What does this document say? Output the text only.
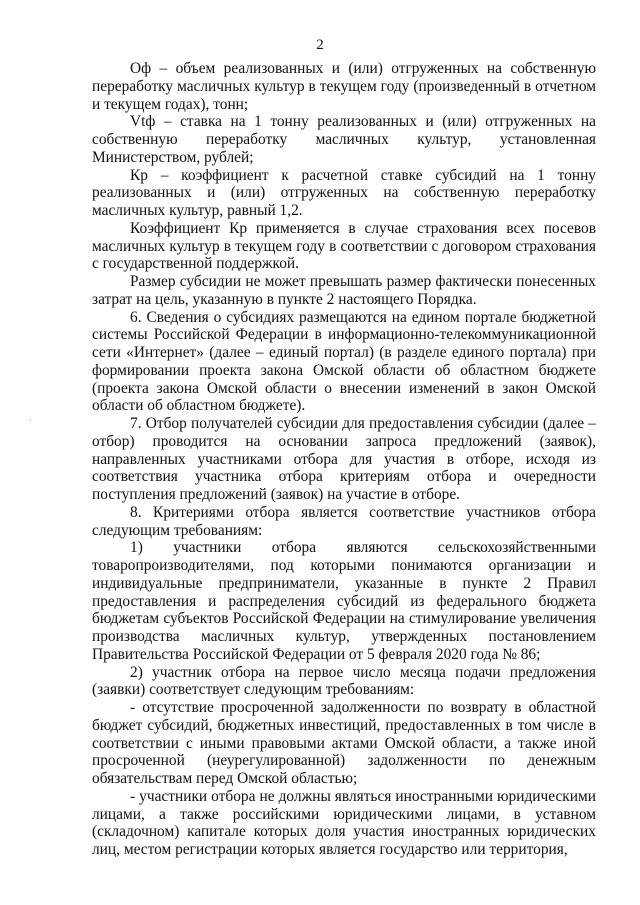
2

Оф – объем реализованных и (или) отгруженных на собственную переработку масличных культур в текущем году (произведенный в отчетном и текущем годах), тонн;

Vtф – ставка на 1 тонну реализованных и (или) отгруженных на собственную переработку масличных культур, установленная Министерством, рублей;

Кр – коэффициент к расчетной ставке субсидий на 1 тонну реализованных и (или) отгруженных на собственную переработку масличных культур, равный 1,2.

Коэффициент Кр применяется в случае страхования всех посевов масличных культур в текущем году в соответствии с договором страхования с государственной поддержкой.

Размер субсидии не может превышать размер фактически понесенных затрат на цель, указанную в пункте 2 настоящего Порядка.

6. Сведения о субсидиях размещаются на едином портале бюджетной системы Российской Федерации в информационно-телекоммуникационной сети «Интернет» (далее – единый портал) (в разделе единого портала) при формировании проекта закона Омской области об областном бюджете (проекта закона Омской области о внесении изменений в закон Омской области об областном бюджете).

7. Отбор получателей субсидии для предоставления субсидии (далее – отбор) проводится на основании запроса предложений (заявок), направленных участниками отбора для участия в отборе, исходя из соответствия участника отбора критериям отбора и очередности поступления предложений (заявок) на участие в отборе.

8. Критериями отбора является соответствие участников отбора следующим требованиям:

1) участники отбора являются сельскохозяйственными товаропроизводителями, под которыми понимаются организации и индивидуальные предприниматели, указанные в пункте 2 Правил предоставления и распределения субсидий из федерального бюджета бюджетам субъектов Российской Федерации на стимулирование увеличения производства масличных культур, утвержденных постановлением Правительства Российской Федерации от 5 февраля 2020 года № 86;

2) участник отбора на первое число месяца подачи предложения (заявки) соответствует следующим требованиям:

- отсутствие просроченной задолженности по возврату в областной бюджет субсидий, бюджетных инвестиций, предоставленных в том числе в соответствии с иными правовыми актами Омской области, а также иной просроченной (неурегулированной) задолженности по денежным обязательствам перед Омской областью;

- участники отбора не должны являться иностранными юридическими лицами, а также российскими юридическими лицами, в уставном (складочном) капитале которых доля участия иностранных юридических лиц, местом регистрации которых является государство или территория,
